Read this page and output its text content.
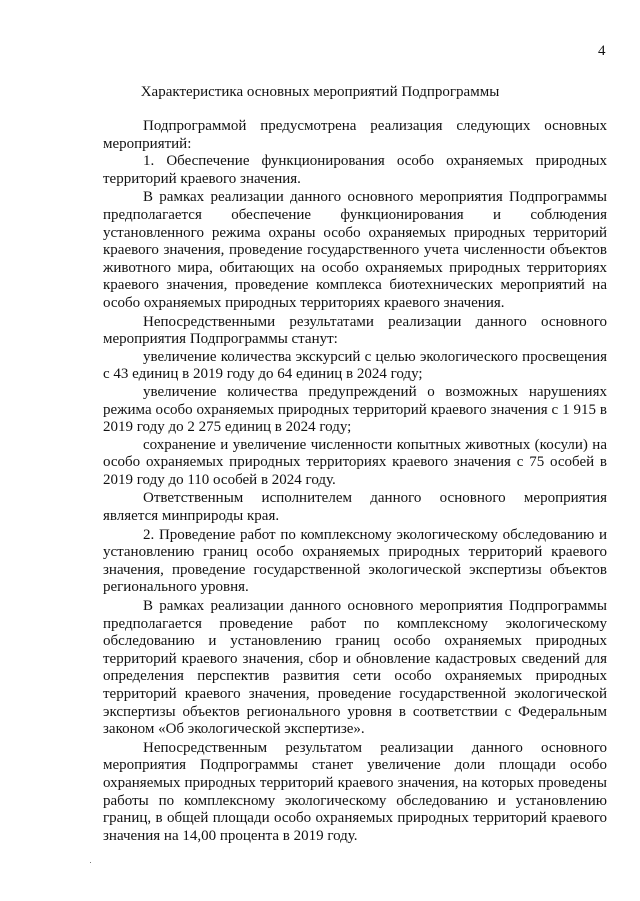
4
Характеристика основных мероприятий Подпрограммы

Подпрограммой предусмотрена реализация следующих основных мероприятий:

1. Обеспечение функционирования особо охраняемых природных территорий краевого значения.

В рамках реализации данного основного мероприятия Подпрограммы предполагается обеспечение функционирования и соблюдения установленного режима охраны особо охраняемых природных территорий краевого значения, проведение государственного учета численности объектов животного мира, обитающих на особо охраняемых природных территориях краевого значения, проведение комплекса биотехнических мероприятий на особо охраняемых природных территориях краевого значения.

Непосредственными результатами реализации данного основного мероприятия Подпрограммы станут:

увеличение количества экскурсий с целью экологического просвещения с 43 единиц в 2019 году до 64 единиц в 2024 году;

увеличение количества предупреждений о возможных нарушениях режима особо охраняемых природных территорий краевого значения с 1 915 в 2019 году до 2 275 единиц в 2024 году;

сохранение и увеличение численности копытных животных (косули) на особо охраняемых природных территориях краевого значения с 75 особей в 2019 году до 110 особей в 2024 году.

Ответственным исполнителем данного основного мероприятия является минприроды края.

2. Проведение работ по комплексному экологическому обследованию и установлению границ особо охраняемых природных территорий краевого значения, проведение государственной экологической экспертизы объектов регионального уровня.

В рамках реализации данного основного мероприятия Подпрограммы предполагается проведение работ по комплексному экологическому обследованию и установлению границ особо охраняемых природных территорий краевого значения, сбор и обновление кадастровых сведений для определения перспектив развития сети особо охраняемых природных территорий краевого значения, проведение государственной экологической экспертизы объектов регионального уровня в соответствии с Федеральным законом «Об экологической экспертизе».

Непосредственным результатом реализации данного основного мероприятия Подпрограммы станет увеличение доли площади особо охраняемых природных территорий краевого значения, на которых проведены работы по комплексному экологическому обследованию и установлению границ, в общей площади особо охраняемых природных территорий краевого значения на 14,00 процента в 2019 году.
